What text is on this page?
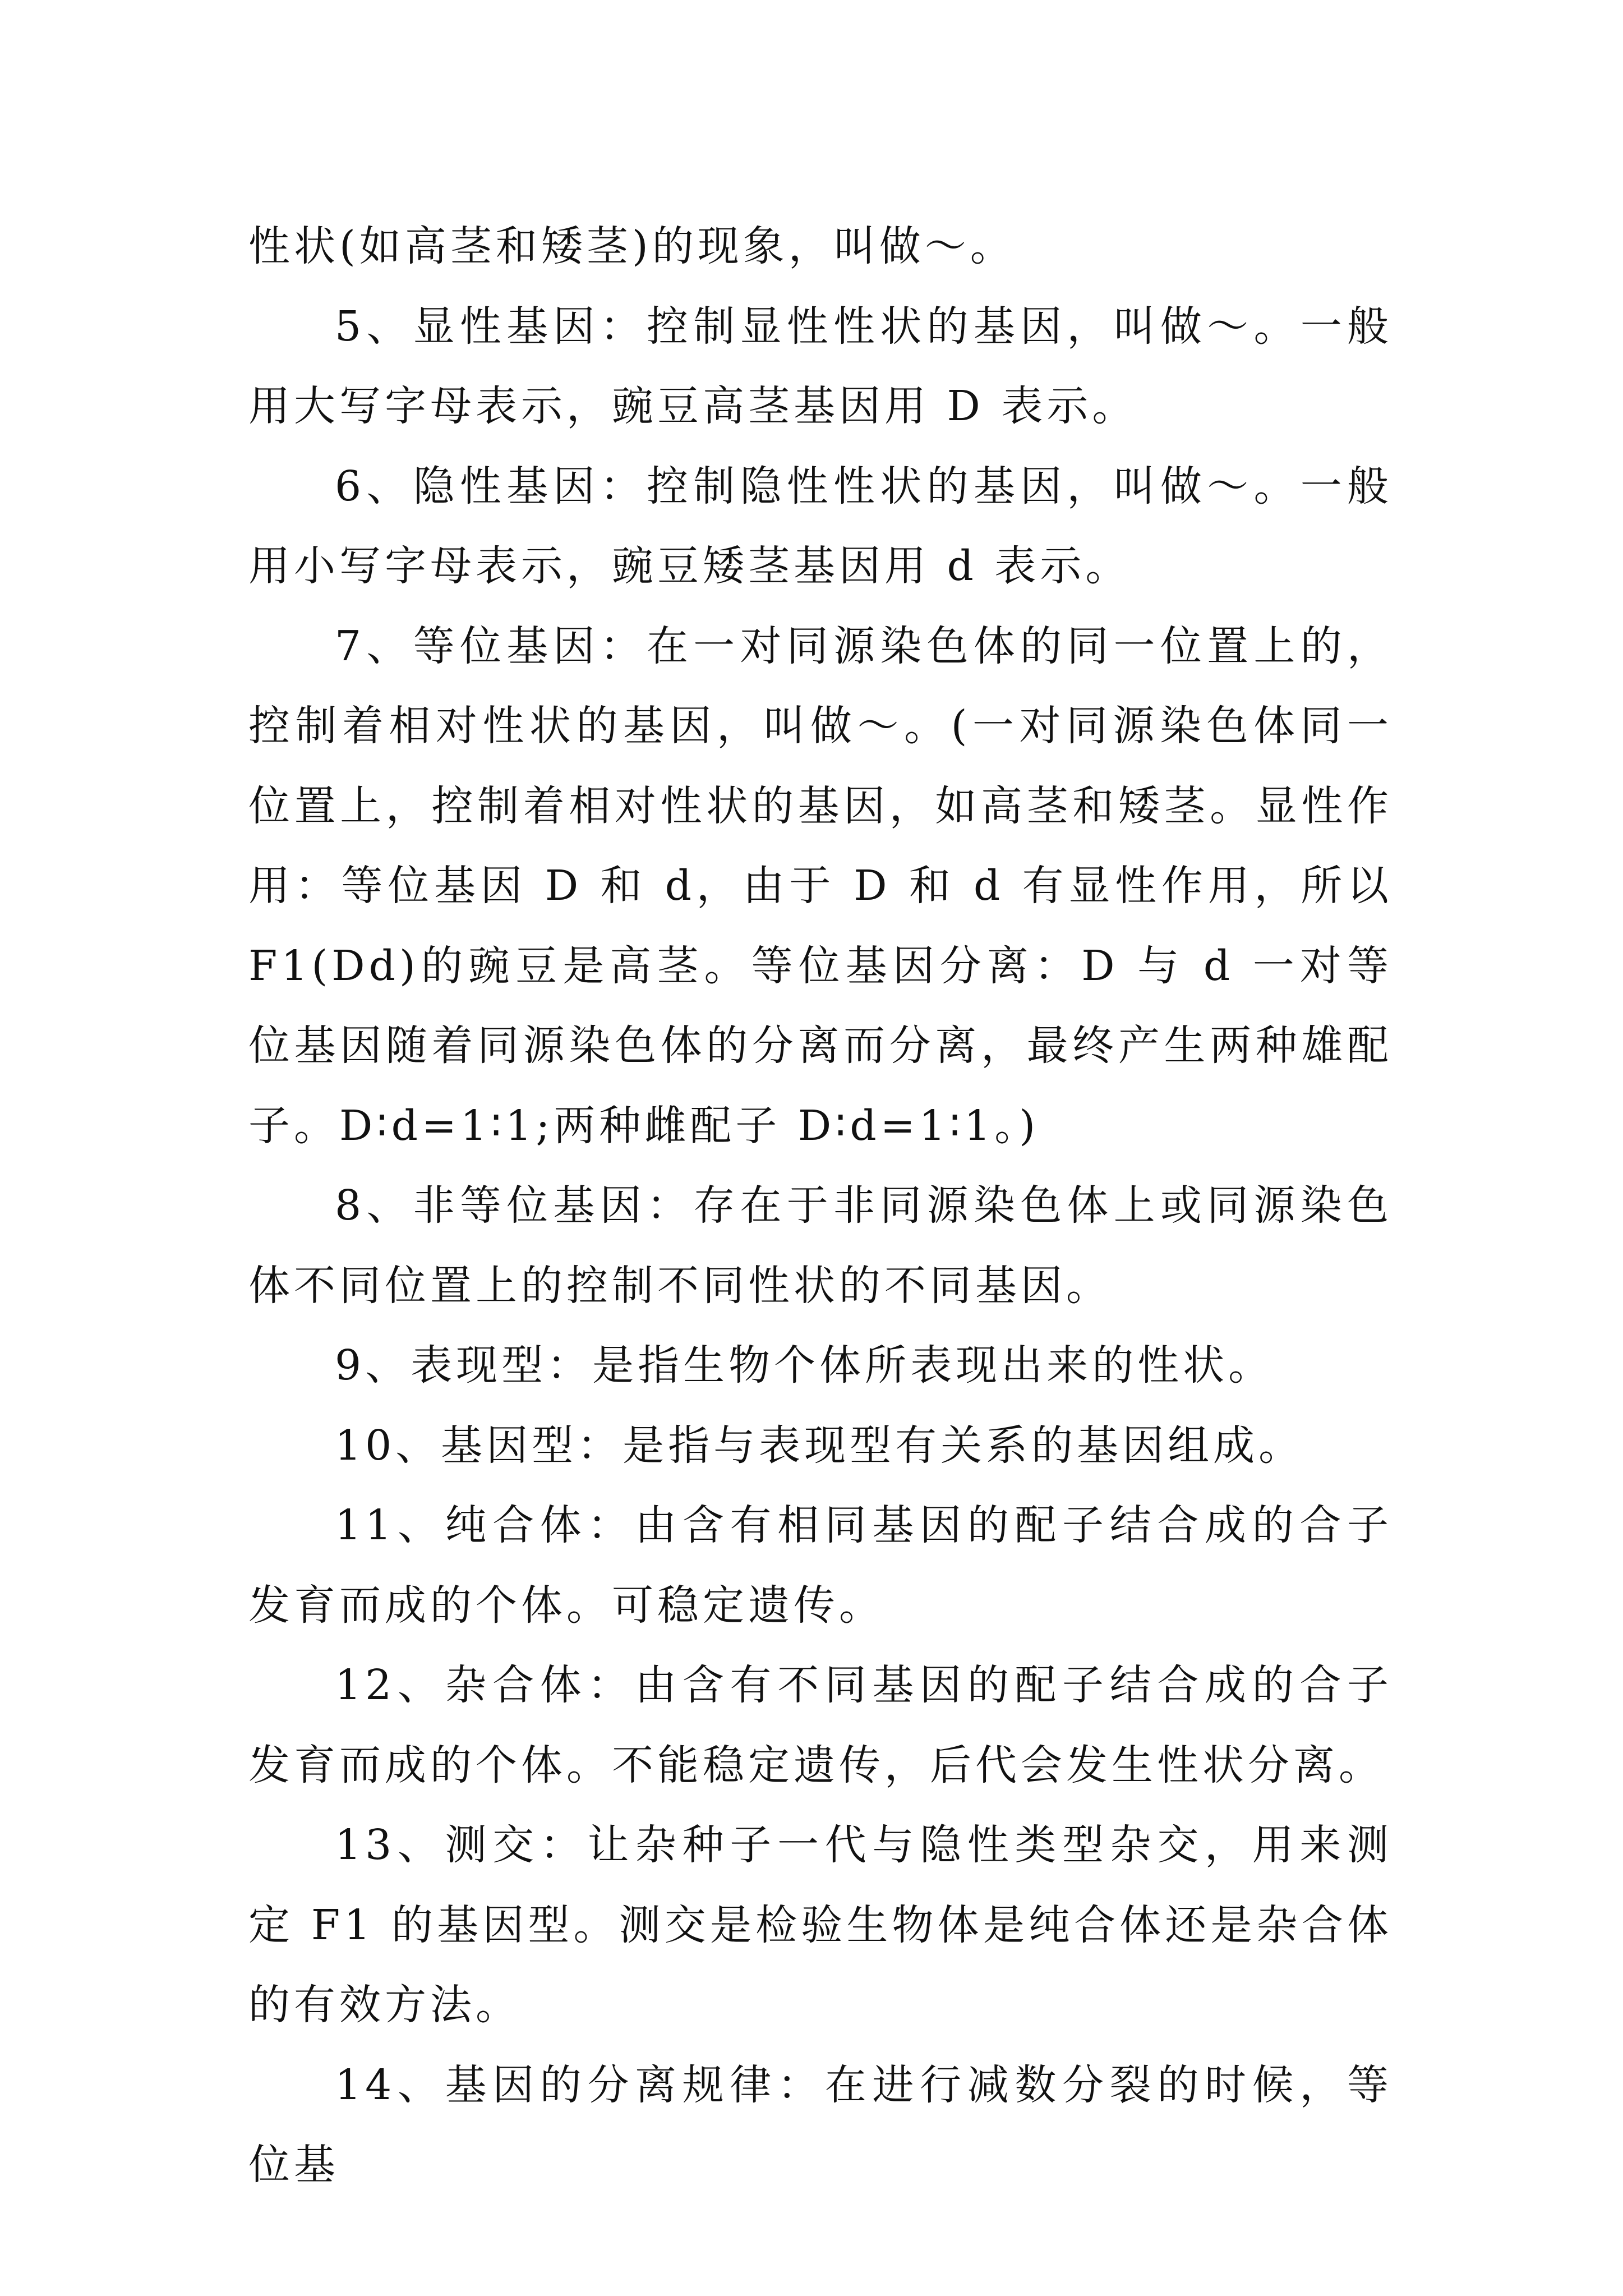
性状(如高茎和矮茎)的现象，叫做～。

5、显性基因：控制显性性状的基因，叫做～。一般用大写字母表示，豌豆高茎基因用 D 表示。

6、隐性基因：控制隐性性状的基因，叫做～。一般用小写字母表示，豌豆矮茎基因用 d 表示。

7、等位基因：在一对同源染色体的同一位置上的，控制着相对性状的基因，叫做～。(一对同源染色体同一位置上，控制着相对性状的基因，如高茎和矮茎。显性作用：等位基因 D 和 d，由于 D 和 d 有显性作用，所以 F1(Dd)的豌豆是高茎。等位基因分离：D 与 d 一对等位基因随着同源染色体的分离而分离，最终产生两种雄配子。D∶d=1∶1;两种雌配子 D∶d=1∶1。)

8、非等位基因：存在于非同源染色体上或同源染色体不同位置上的控制不同性状的不同基因。

9、表现型：是指生物个体所表现出来的性状。

10、基因型：是指与表现型有关系的基因组成。

11、纯合体：由含有相同基因的配子结合成的合子发育而成的个体。可稳定遗传。

12、杂合体：由含有不同基因的配子结合成的合子发育而成的个体。不能稳定遗传，后代会发生性状分离。

13、测交：让杂种子一代与隐性类型杂交，用来测定 F1 的基因型。测交是检验生物体是纯合体还是杂合体的有效方法。

14、基因的分离规律：在进行减数分裂的时候，等位基
